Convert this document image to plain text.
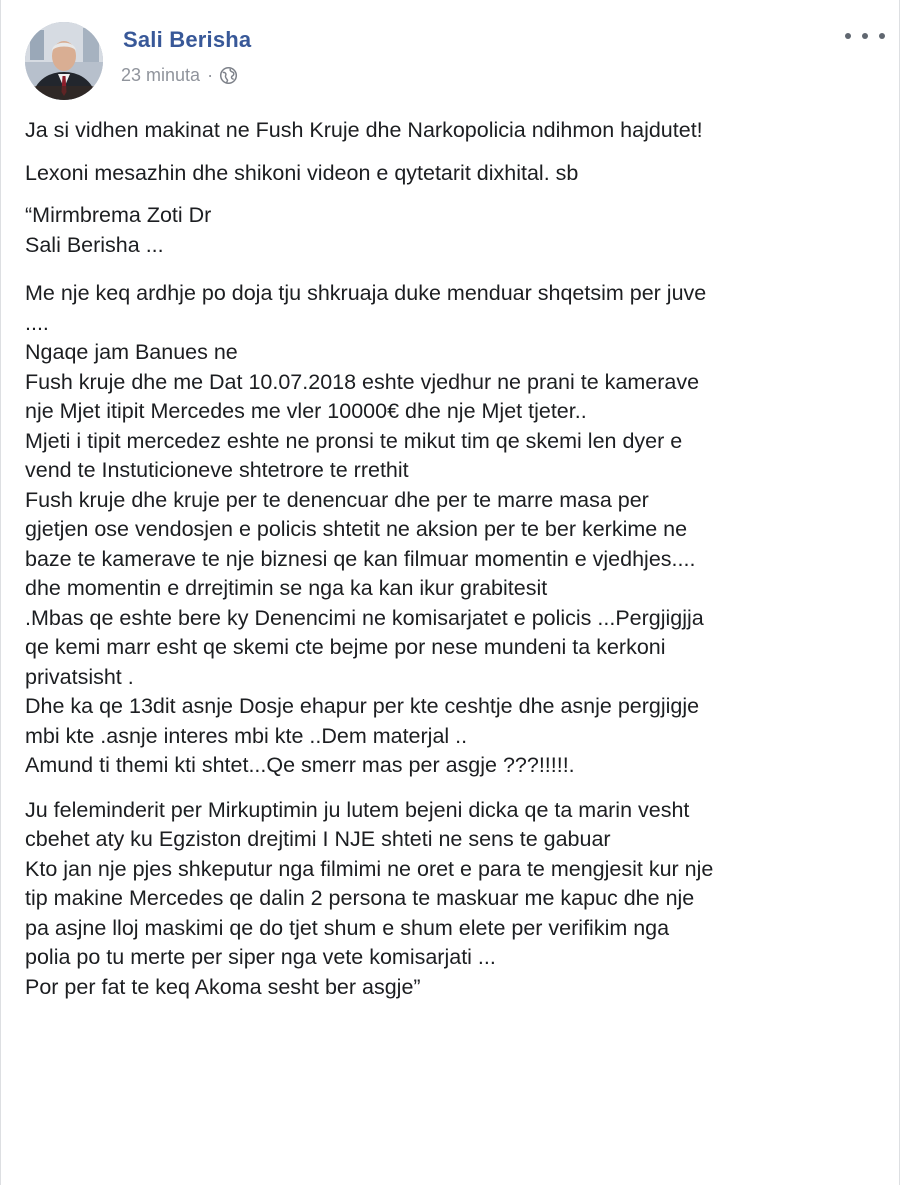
Sali Berisha
23 minuta ·
Ja si vidhen makinat ne Fush Kruje dhe Narkopolicia ndihmon hajdutet!
Lexoni mesazhin dhe shikoni videon e qytetarit dixhital. sb
“Mirmbrema Zoti Dr
Sali Berisha ...
Me nje keq ardhje po doja tju shkruaja duke menduar shqetsim per juve
....
Ngaqe jam Banues ne
Fush kruje dhe me Dat 10.07.2018 eshte vjedhur ne prani te kamerave
nje Mjet itipit Mercedes me vler 10000€ dhe nje Mjet tjeter..
Mjeti i tipit mercedez eshte ne pronsi te mikut tim qe skemi len dyer e
vend te Instuticioneve shtetrore te rrethit
Fush kruje dhe kruje per te denencuar dhe per te marre masa per
gjetjen ose vendosjen e policis shtetit ne aksion per te ber kerkime ne
baze te kamerave te nje biznesi qe kan filmuar momentin e vjedhjes....
dhe momentin e drrejtimin se nga ka kan ikur grabitesit
.Mbas qe eshte bere ky Denencimi ne komisarjatet e policis ...Pergjigjja
qe kemi marr esht qe skemi cte bejme por nese mundeni ta kerkoni
privatsisht .
Dhe ka qe 13dit asnje Dosje ehapur per kte ceshtje dhe asnje pergjigje
mbi kte .asnje interes mbi kte ..Dem materjal ..
Amund ti themi kti shtet...Qe smerr mas per asgje ???!!!!!.
Ju feleminderit per Mirkuptimin ju lutem bejeni dicka qe ta marin vesht
cbehet aty ku Egziston drejtimi I NJE shteti ne sens te gabuar
Kto jan nje pjes shkeputur nga filmimi ne oret e para te mengjesit kur nje
tip makine Mercedes qe dalin 2 persona te maskuar me kapuc dhe nje
pa asjne lloj maskimi qe do tjet shum e shum elete per verifikim nga
polia po tu merte per siper nga vete komisarjati ...
Por per fat te keq Akoma sesht ber asgje”
